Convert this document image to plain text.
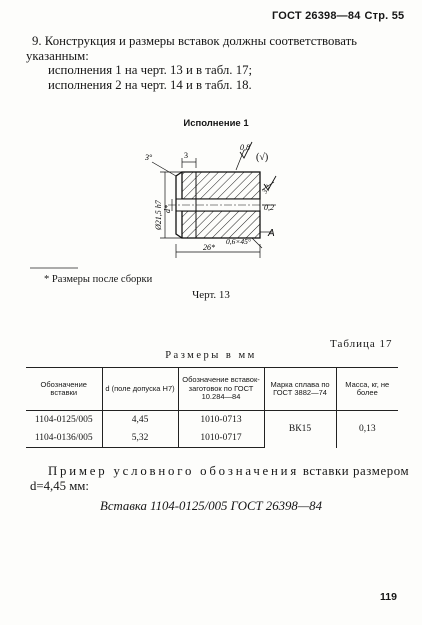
ГОСТ 26398—84 Стр. 55
9. Конструкция и размеры вставок должны соответствовать
указанным:
исполнения 1 на черт. 13 и в табл. 17;
исполнения 2 на черт. 14 и в табл. 18.
Исполнение 1
3°	3
0,8
(√)
3,2
0,2
Ø21,5 h7 d*
26*
0,6×45°
A
* Размеры после сборки
Черт. 13
Таблица 17
Размеры в мм
Обозначение вставки	d (поле допуска H7)	Обозначение вставок-заготовок по ГОСТ 10.284—84	Марка сплава по ГОСТ 3882—74	Масса, кг, не более
1104-0125/005	4,45	1010-0713	ВК15	0,13
1104-0136/005	5,32	1010-0717		
Пример условного обозначения вставки размером
d=4,45 мм:
Вставка 1104-0125/005 ГОСТ 26398—84
119
